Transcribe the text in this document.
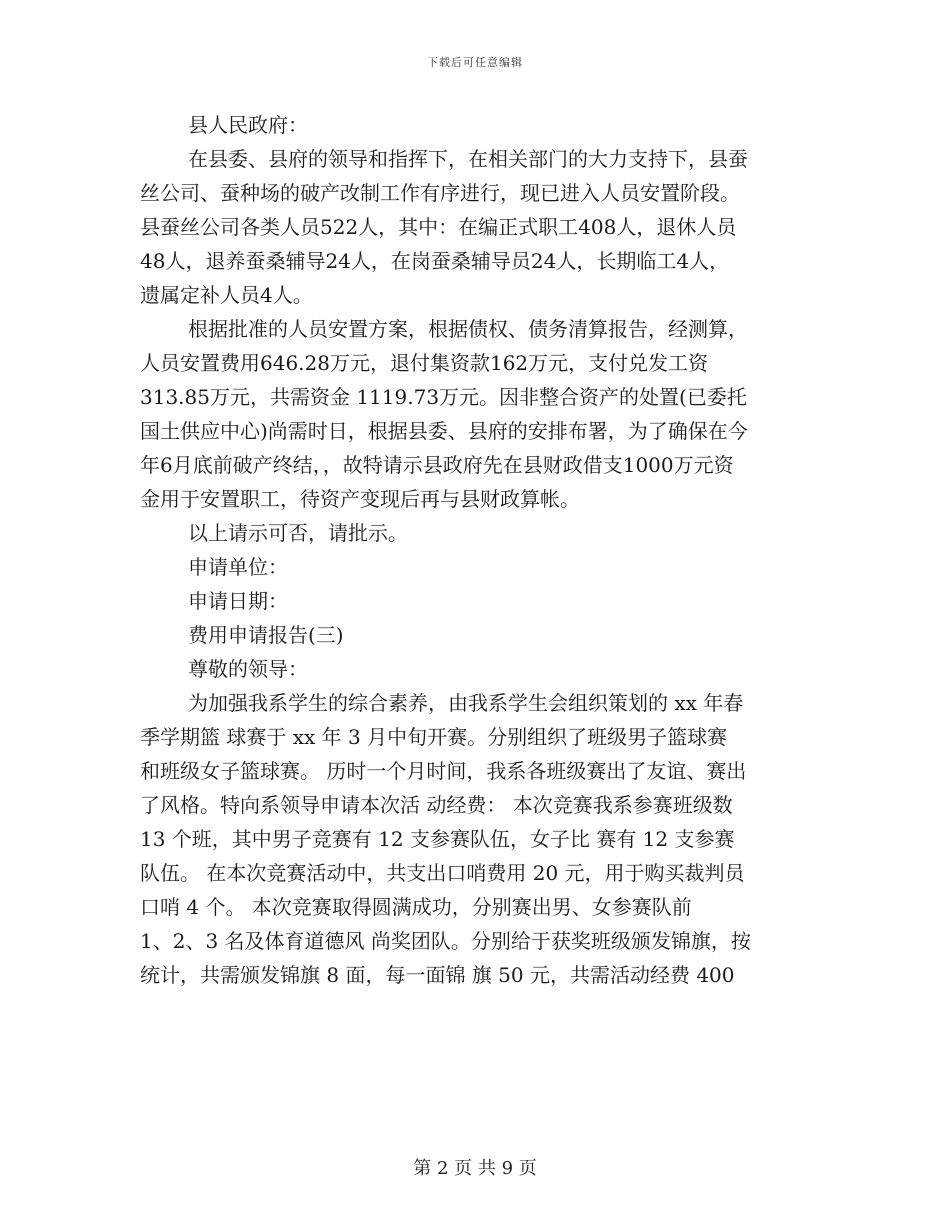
下载后可任意编辑
县人民政府：
在县委、县府的领导和指挥下，在相关部门的大力支持下，县蚕
丝公司、蚕种场的破产改制工作有序进行，现已进入人员安置阶段。
县蚕丝公司各类人员522人，其中：在编正式职工408人，退休人员
48人，退养蚕桑辅导24人，在岗蚕桑辅导员24人，长期临工4人，
遗属定补人员4人。
根据批准的人员安置方案，根据债权、债务清算报告，经测算，
人员安置费用646.28万元，退付集资款162万元，支付兑发工资
313.85万元，共需资金 1119.73万元。因非整合资产的处置(已委托
国土供应中心)尚需时日，根据县委、县府的安排布署，为了确保在今
年6月底前破产终结，，故特请示县政府先在县财政借支1000万元资
金用于安置职工，待资产变现后再与县财政算帐。
以上请示可否，请批示。
申请单位：
申请日期：
费用申请报告(三)
尊敬的领导：
为加强我系学生的综合素养，由我系学生会组织策划的 xx 年春
季学期篮 球赛于 xx 年 3 月中旬开赛。分别组织了班级男子篮球赛
和班级女子篮球赛。 历时一个月时间，我系各班级赛出了友谊、赛出
了风格。特向系领导申请本次活 动经费： 本次竞赛我系参赛班级数
13 个班，其中男子竞赛有 12 支参赛队伍，女子比 赛有 12 支参赛
队伍。 在本次竞赛活动中，共支出口哨费用 20 元，用于购买裁判员
口哨 4 个。 本次竞赛取得圆满成功，分别赛出男、女参赛队前
1、2、3 名及体育道德风 尚奖团队。分别给于获奖班级颁发锦旗，按
统计，共需颁发锦旗 8 面，每一面锦 旗 50 元，共需活动经费 400
第 2 页 共 9 页
